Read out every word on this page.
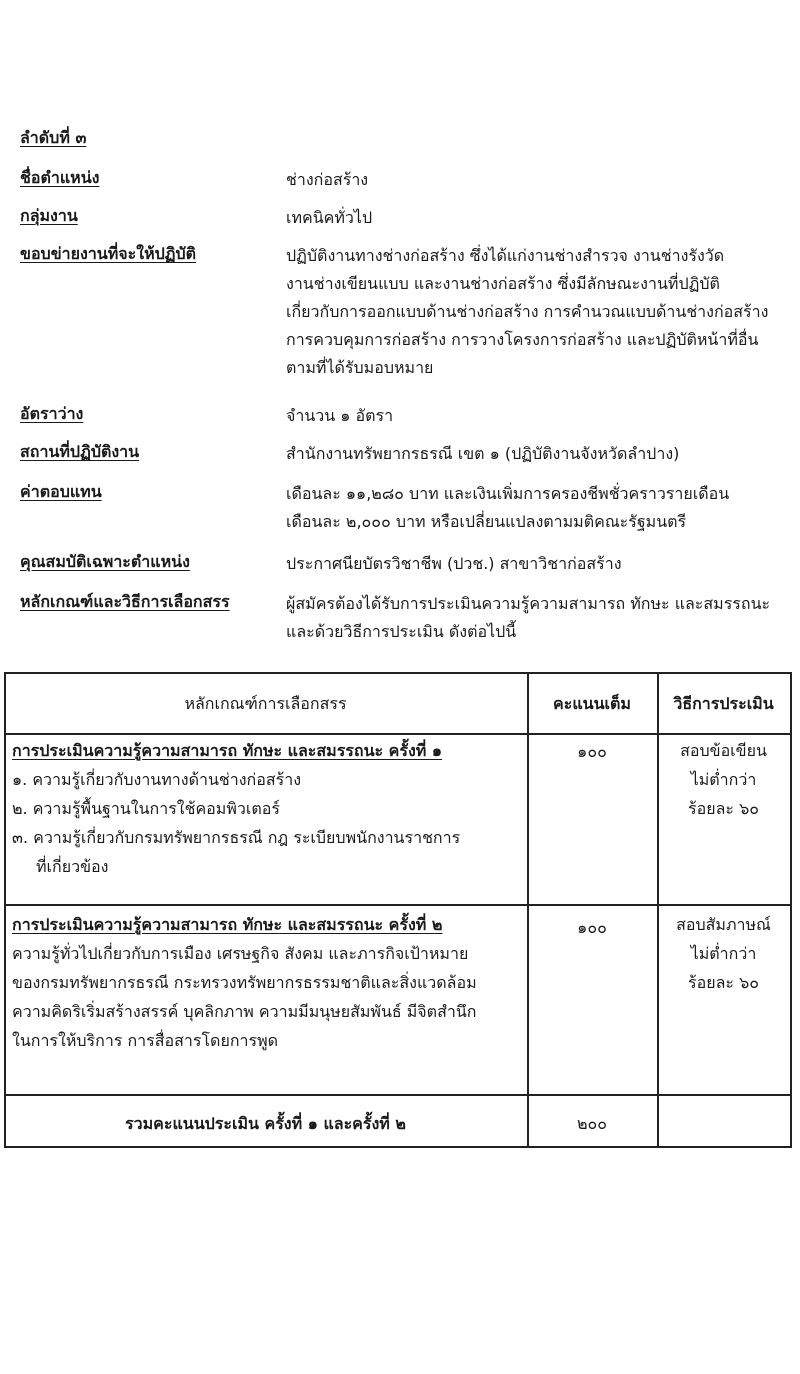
ลำดับที่ ๓
ชื่อตำแหน่ง	ช่างก่อสร้าง
กลุ่มงาน	เทคนิคทั่วไป
ขอบข่ายงานที่จะให้ปฏิบัติ	ปฏิบัติงานทางช่างก่อสร้าง ซึ่งได้แก่งานช่างสำรวจ งานช่างรังวัด
งานช่างเขียนแบบ และงานช่างก่อสร้าง ซึ่งมีลักษณะงานที่ปฏิบัติ
เกี่ยวกับการออกแบบด้านช่างก่อสร้าง การคำนวณแบบด้านช่างก่อสร้าง
การควบคุมการก่อสร้าง การวางโครงการก่อสร้าง และปฏิบัติหน้าที่อื่น
ตามที่ได้รับมอบหมาย
อัตราว่าง	จำนวน ๑ อัตรา
สถานที่ปฏิบัติงาน	สำนักงานทรัพยากรธรณี เขต ๑ (ปฏิบัติงานจังหวัดลำปาง)
ค่าตอบแทน	เดือนละ ๑๑,๒๘๐ บาท และเงินเพิ่มการครองชีพชั่วคราวรายเดือน
เดือนละ ๒,๐๐๐ บาท หรือเปลี่ยนแปลงตามมติคณะรัฐมนตรี
คุณสมบัติเฉพาะตำแหน่ง	ประกาศนียบัตรวิชาชีพ (ปวช.) สาขาวิชาก่อสร้าง
หลักเกณฑ์และวิธีการเลือกสรร	ผู้สมัครต้องได้รับการประเมินความรู้ความสามารถ ทักษะ และสมรรถนะ
และด้วยวิธีการประเมิน ดังต่อไปนี้
หลักเกณฑ์การเลือกสรร	คะแนนเต็ม	วิธีการประเมิน
การประเมินความรู้ความสามารถ ทักษะ และสมรรถนะ ครั้งที่ ๑
๑. ความรู้เกี่ยวกับงานทางด้านช่างก่อสร้าง
๒. ความรู้พื้นฐานในการใช้คอมพิวเตอร์
๓. ความรู้เกี่ยวกับกรมทรัพยากรธรณี กฎ ระเบียบพนักงานราชการ
ที่เกี่ยวข้อง
๑๐๐	สอบข้อเขียน
ไม่ต่ำกว่า
ร้อยละ ๖๐
การประเมินความรู้ความสามารถ ทักษะ และสมรรถนะ ครั้งที่ ๒
ความรู้ทั่วไปเกี่ยวกับการเมือง เศรษฐกิจ สังคม และภารกิจเป้าหมาย
ของกรมทรัพยากรธรณี กระทรวงทรัพยากรธรรมชาติและสิ่งแวดล้อม
ความคิดริเริ่มสร้างสรรค์ บุคลิกภาพ ความมีมนุษยสัมพันธ์ มีจิตสำนึก
ในการให้บริการ การสื่อสารโดยการพูด
๑๐๐	สอบสัมภาษณ์
ไม่ต่ำกว่า
ร้อยละ ๖๐
รวมคะแนนประเมิน ครั้งที่ ๑ และครั้งที่ ๒	๒๐๐
